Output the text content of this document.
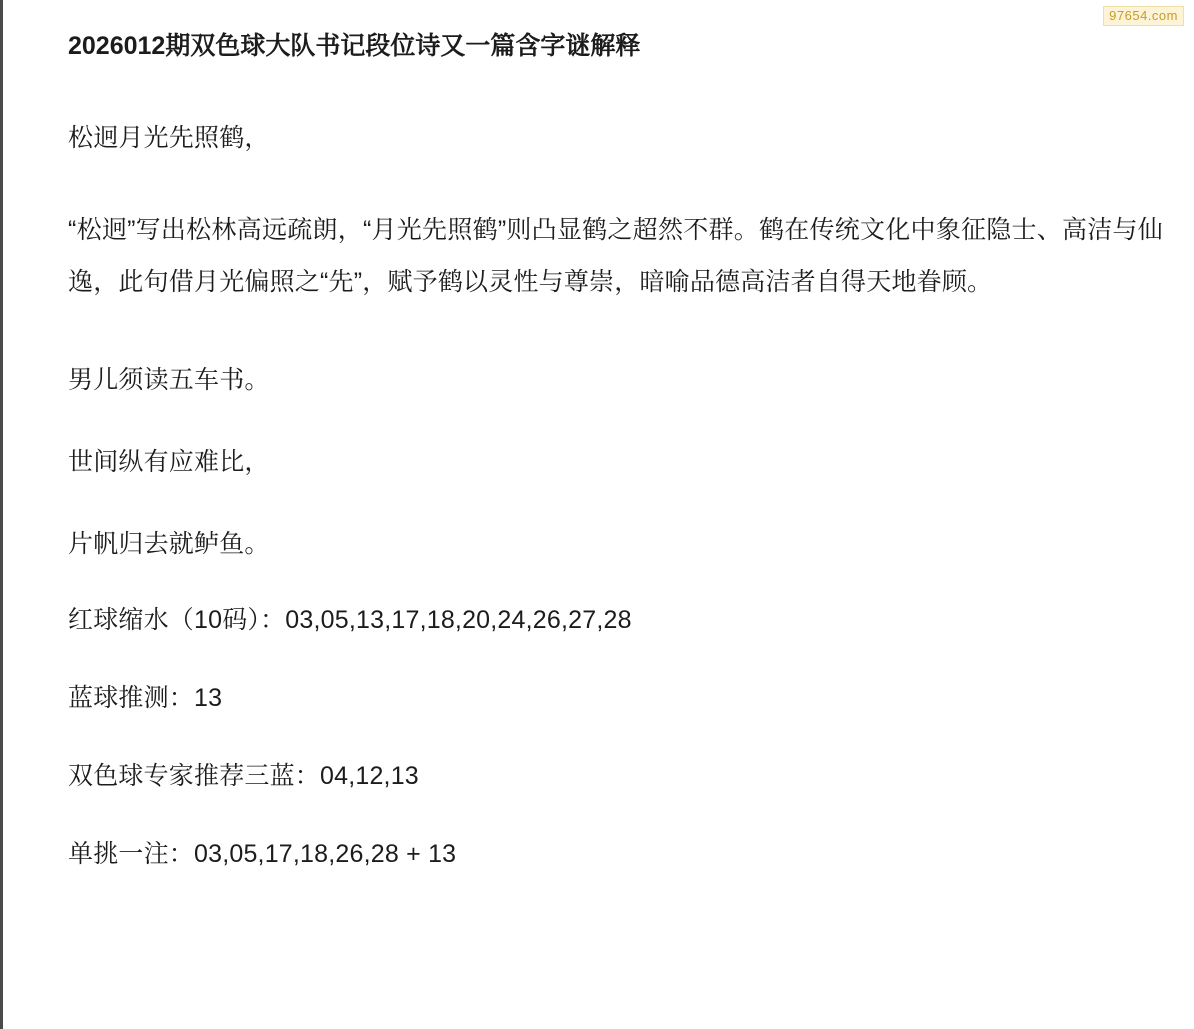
97654.com
2026012期双色球大队书记段位诗又一篇含字谜解释

松迥月光先照鹤，

“松迥”写出松林高远疏朗，“月光先照鹤”则凸显鹤之超然不群。鹤在传统文化中象征隐士、高洁与仙逸，此句借月光偏照之“先”，赋予鹤以灵性与尊崇，暗喻品德高洁者自得天地眷顾。

男儿须读五车书。

世间纵有应难比，

片帆归去就鲈鱼。

红球缩水（10码）：03,05,13,17,18,20,24,26,27,28

蓝球推测：13

双色球专家推荐三蓝：04,12,13

单挑一注：03,05,17,18,26,28 + 13
